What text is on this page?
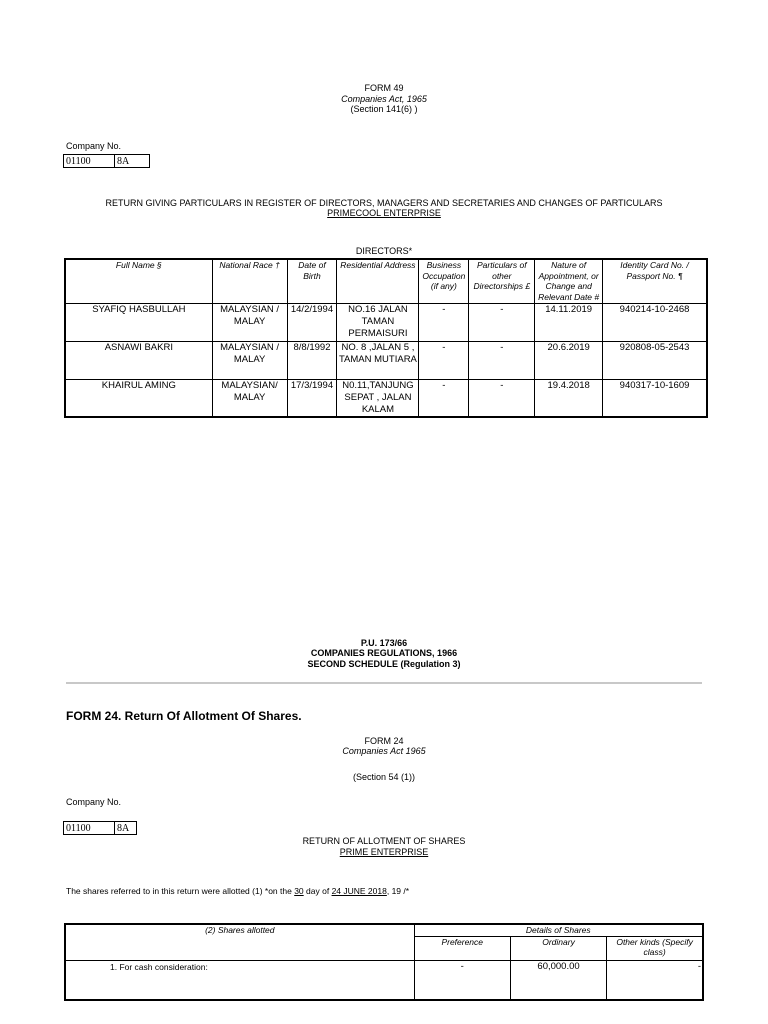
FORM 49
Companies Act, 1965
(Section 141(6) )
Company No.
01100	8A
RETURN GIVING PARTICULARS IN REGISTER OF DIRECTORS, MANAGERS AND SECRETARIES AND CHANGES OF PARTICULARS
PRIMECOOL ENTERPRISE
DIRECTORS*
Full Name §	National Race †	Date of Birth	Residential Address	Business Occupation (if any)	Particulars of other Directorships £	Nature of Appointment, or Change and Relevant Date #	Identity Card No. / Passport No. ¶
SYAFIQ HASBULLAH	MALAYSIAN / MALAY	14/2/1994	NO.16 JALAN TAMAN PERMAISURI	-	-	14.11.2019	940214-10-2468
ASNAWI BAKRI	MALAYSIAN / MALAY	8/8/1992	NO. 8 ,JALAN 5 , TAMAN MUTIARA	-	-	20.6.2019	920808-05-2543
KHAIRUL AMING	MALAYSIAN/ MALAY	17/3/1994	N0.11,TANJUNG SEPAT , JALAN KALAM	-	-	19.4.2018	940317-10-1609
P.U. 173/66
COMPANIES REGULATIONS, 1966
SECOND SCHEDULE (Regulation 3)
FORM 24. Return Of Allotment Of Shares.
FORM 24
Companies Act 1965
(Section 54 (1))
Company No.
01100	8A
RETURN OF ALLOTMENT OF SHARES
PRIME ENTERPRISE
The shares referred to in this return were allotted (1) *on the 30 day of 24 JUNE 2018, 19 /*
(2) Shares allotted	Details of Shares		
	Preference	Ordinary	Other kinds (Specify class)
1. For cash consideration:	-	60,000.00	-
